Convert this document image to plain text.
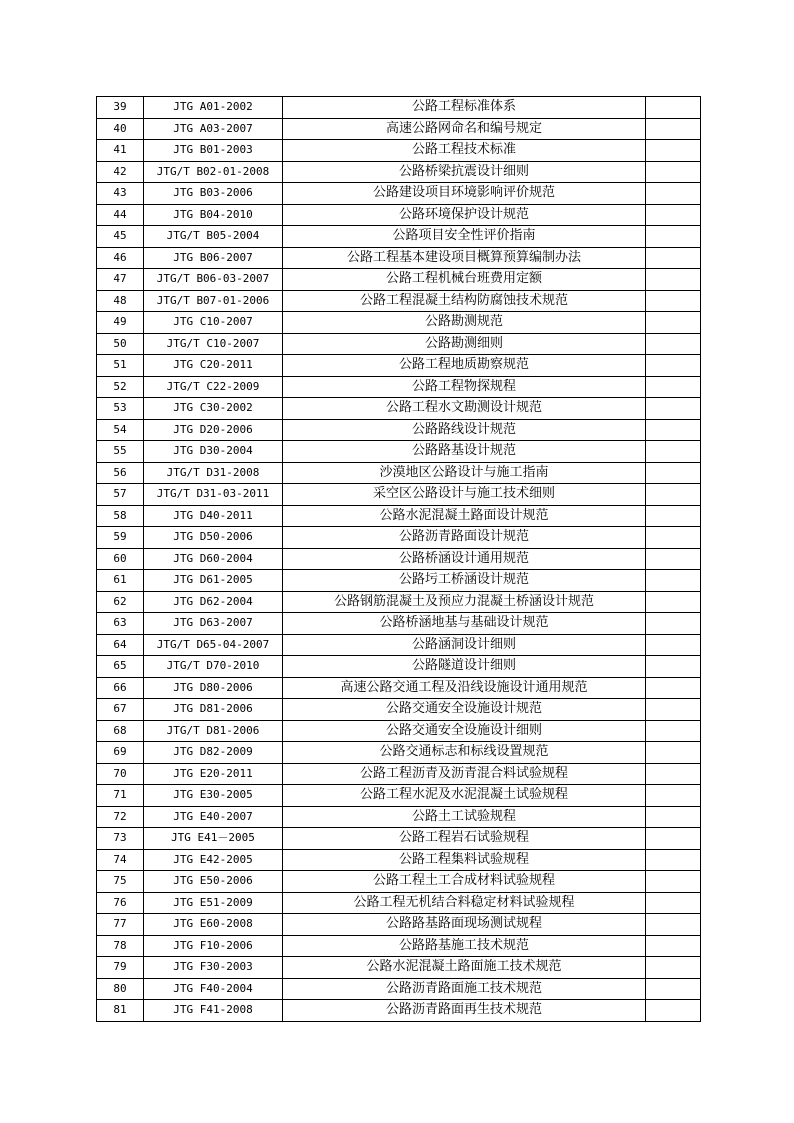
39	JTG A01-2002	公路工程标准体系	
40	JTG A03-2007	高速公路网命名和编号规定	
41	JTG B01-2003	公路工程技术标准	
42	JTG/T B02-01-2008	公路桥梁抗震设计细则	
43	JTG B03-2006	公路建设项目环境影响评价规范	
44	JTG B04-2010	公路环境保护设计规范	
45	JTG/T B05-2004	公路项目安全性评价指南	
46	JTG B06-2007	公路工程基本建设项目概算预算编制办法	
47	JTG/T B06-03-2007	公路工程机械台班费用定额	
48	JTG/T B07-01-2006	公路工程混凝土结构防腐蚀技术规范	
49	JTG C10-2007	公路勘测规范	
50	JTG/T C10-2007	公路勘测细则	
51	JTG C20-2011	公路工程地质勘察规范	
52	JTG/T C22-2009	公路工程物探规程	
53	JTG C30-2002	公路工程水文勘测设计规范	
54	JTG D20-2006	公路路线设计规范	
55	JTG D30-2004	公路路基设计规范	
56	JTG/T D31-2008	沙漠地区公路设计与施工指南	
57	JTG/T D31-03-2011	采空区公路设计与施工技术细则	
58	JTG D40-2011	公路水泥混凝土路面设计规范	
59	JTG D50-2006	公路沥青路面设计规范	
60	JTG D60-2004	公路桥涵设计通用规范	
61	JTG D61-2005	公路圬工桥涵设计规范	
62	JTG D62-2004	公路钢筋混凝土及预应力混凝土桥涵设计规范	
63	JTG D63-2007	公路桥涵地基与基础设计规范	
64	JTG/T D65-04-2007	公路涵洞设计细则	
65	JTG/T D70-2010	公路隧道设计细则	
66	JTG D80-2006	高速公路交通工程及沿线设施设计通用规范	
67	JTG D81-2006	公路交通安全设施设计规范	
68	JTG/T D81-2006	公路交通安全设施设计细则	
69	JTG D82-2009	公路交通标志和标线设置规范	
70	JTG E20-2011	公路工程沥青及沥青混合料试验规程	
71	JTG E30-2005	公路工程水泥及水泥混凝土试验规程	
72	JTG E40-2007	公路土工试验规程	
73	JTG E41－2005	公路工程岩石试验规程	
74	JTG E42-2005	公路工程集料试验规程	
75	JTG E50-2006	公路工程土工合成材料试验规程	
76	JTG E51-2009	公路工程无机结合料稳定材料试验规程	
77	JTG E60-2008	公路路基路面现场测试规程	
78	JTG F10-2006	公路路基施工技术规范	
79	JTG F30-2003	公路水泥混凝土路面施工技术规范	
80	JTG F40-2004	公路沥青路面施工技术规范	
81	JTG F41-2008	公路沥青路面再生技术规范	
